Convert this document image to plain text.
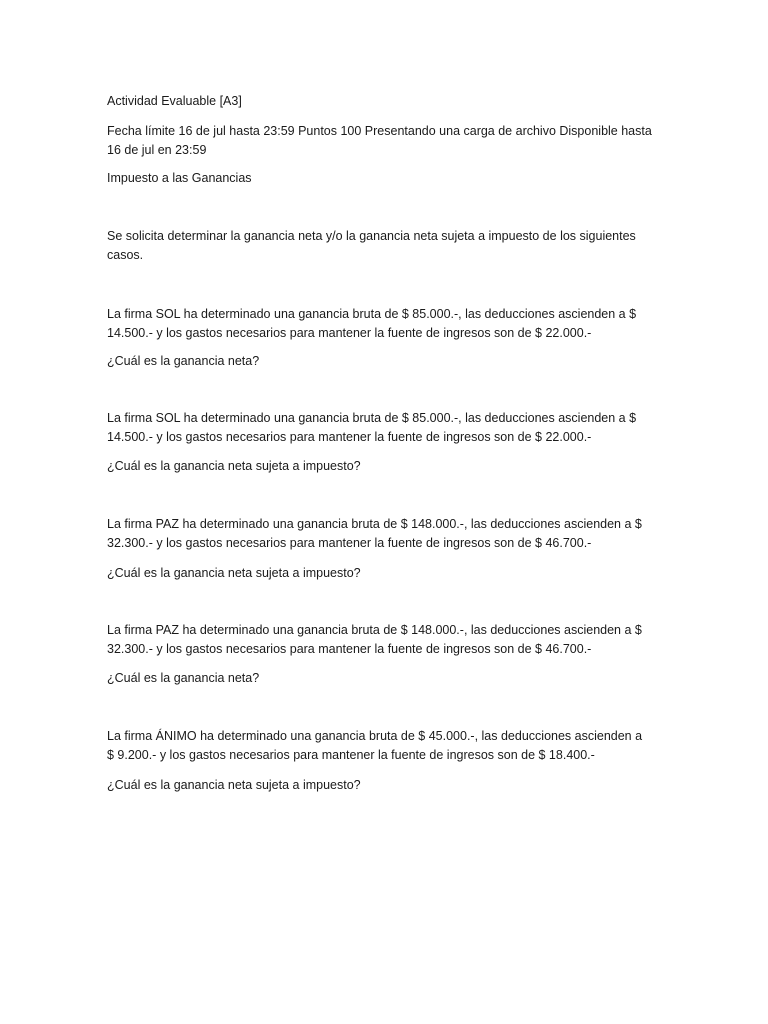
Actividad Evaluable [A3]

Fecha límite 16 de jul hasta 23:59 Puntos 100 Presentando una carga de archivo Disponible hasta 16 de jul en 23:59

Impuesto a las Ganancias

Se solicita determinar la ganancia neta y/o la ganancia neta sujeta a impuesto de los siguientes casos.

La firma SOL ha determinado una ganancia bruta de $ 85.000.-, las deducciones ascienden a $ 14.500.- y los gastos necesarios para mantener la fuente de ingresos son de $ 22.000.-

¿Cuál es la ganancia neta?

La firma SOL ha determinado una ganancia bruta de $ 85.000.-, las deducciones ascienden a $ 14.500.- y los gastos necesarios para mantener la fuente de ingresos son de $ 22.000.-

¿Cuál es la ganancia neta sujeta a impuesto?

La firma PAZ ha determinado una ganancia bruta de $ 148.000.-, las deducciones ascienden a $ 32.300.- y los gastos necesarios para mantener la fuente de ingresos son de $ 46.700.-

¿Cuál es la ganancia neta sujeta a impuesto?

La firma PAZ ha determinado una ganancia bruta de $ 148.000.-, las deducciones ascienden a $ 32.300.- y los gastos necesarios para mantener la fuente de ingresos son de $ 46.700.-

¿Cuál es la ganancia neta?

La firma ÁNIMO ha determinado una ganancia bruta de $ 45.000.-, las deducciones ascienden a $ 9.200.- y los gastos necesarios para mantener la fuente de ingresos son de $ 18.400.-

¿Cuál es la ganancia neta sujeta a impuesto?
